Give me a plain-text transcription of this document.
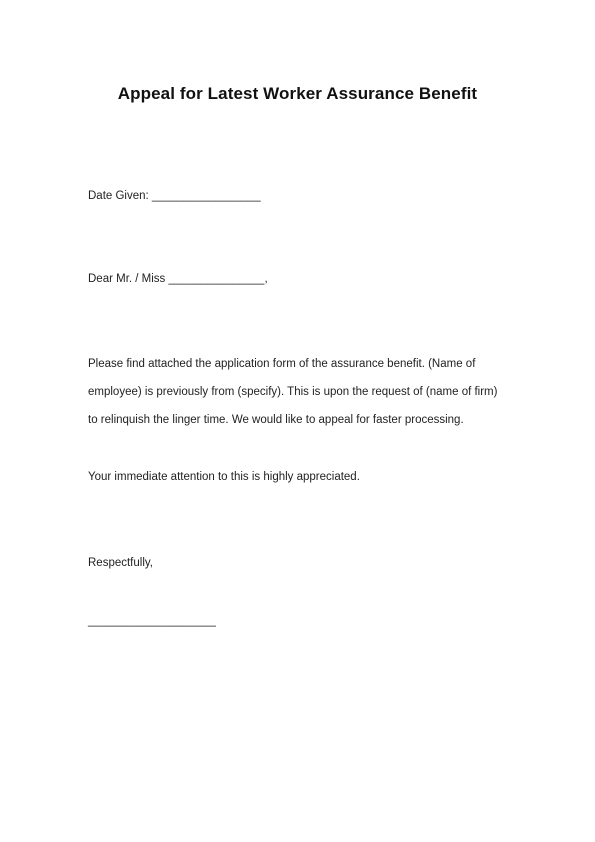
Appeal for Latest Worker Assurance Benefit
Date Given: _________________
Dear Mr. / Miss _______________,
Please find attached the application form of the assurance benefit. (Name of
employee) is previously from (specify). This is upon the request of (name of firm)
to relinquish the linger time. We would like to appeal for faster processing.
Your immediate attention to this is highly appreciated.
Respectfully,
____________________
